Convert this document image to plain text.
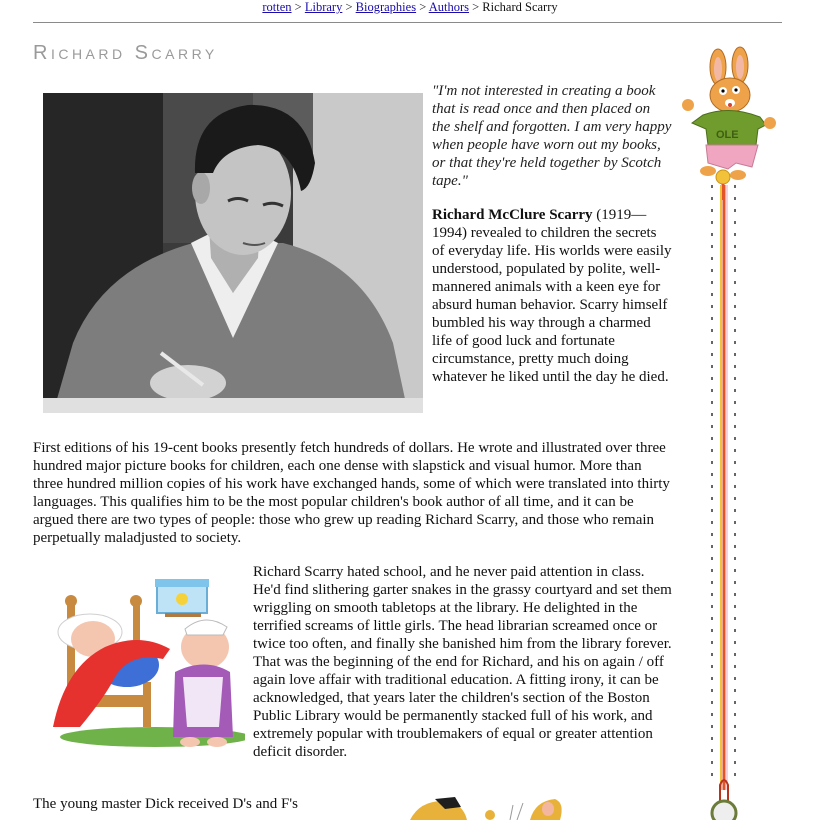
rotten > Library > Biographies > Authors > Richard Scarry
Richard Scarry

"I'm not interested in creating a book that is read once and then placed on the shelf and forgotten. I am very happy when people have worn out my books, or that they're held together by Scotch tape."

Richard McClure Scarry (1919—1994) revealed to children the secrets of everyday life. His worlds were easily understood, populated by polite, well-mannered animals with a keen eye for absurd human behavior. Scarry himself bumbled his way through a charmed life of good luck and fortunate circumstance, pretty much doing whatever he liked until the day he died.

First editions of his 19-cent books presently fetch hundreds of dollars. He wrote and illustrated over three hundred major picture books for children, each one dense with slapstick and visual humor. More than three hundred million copies of his work have exchanged hands, some of which were translated into thirty languages. This qualifies him to be the most popular children's book author of all time, and it can be argued there are two types of people: those who grew up reading Richard Scarry, and those who remain perpetually maladjusted to society.

Richard Scarry hated school, and he never paid attention in class. He'd find slithering garter snakes in the grassy courtyard and set them wriggling on smooth tabletops at the library. He delighted in the terrified screams of little girls. The head librarian screamed once or twice too often, and finally she banished him from the library forever. That was the beginning of the end for Richard, and his on again / off again love affair with traditional education. A fitting irony, it can be acknowledged, that years later the children's section of the Boston Public Library would be permanently stacked full of his work, and extremely popular with troublemakers of equal or greater attention deficit disorder.

The young master Dick received D's and F's

OLE
